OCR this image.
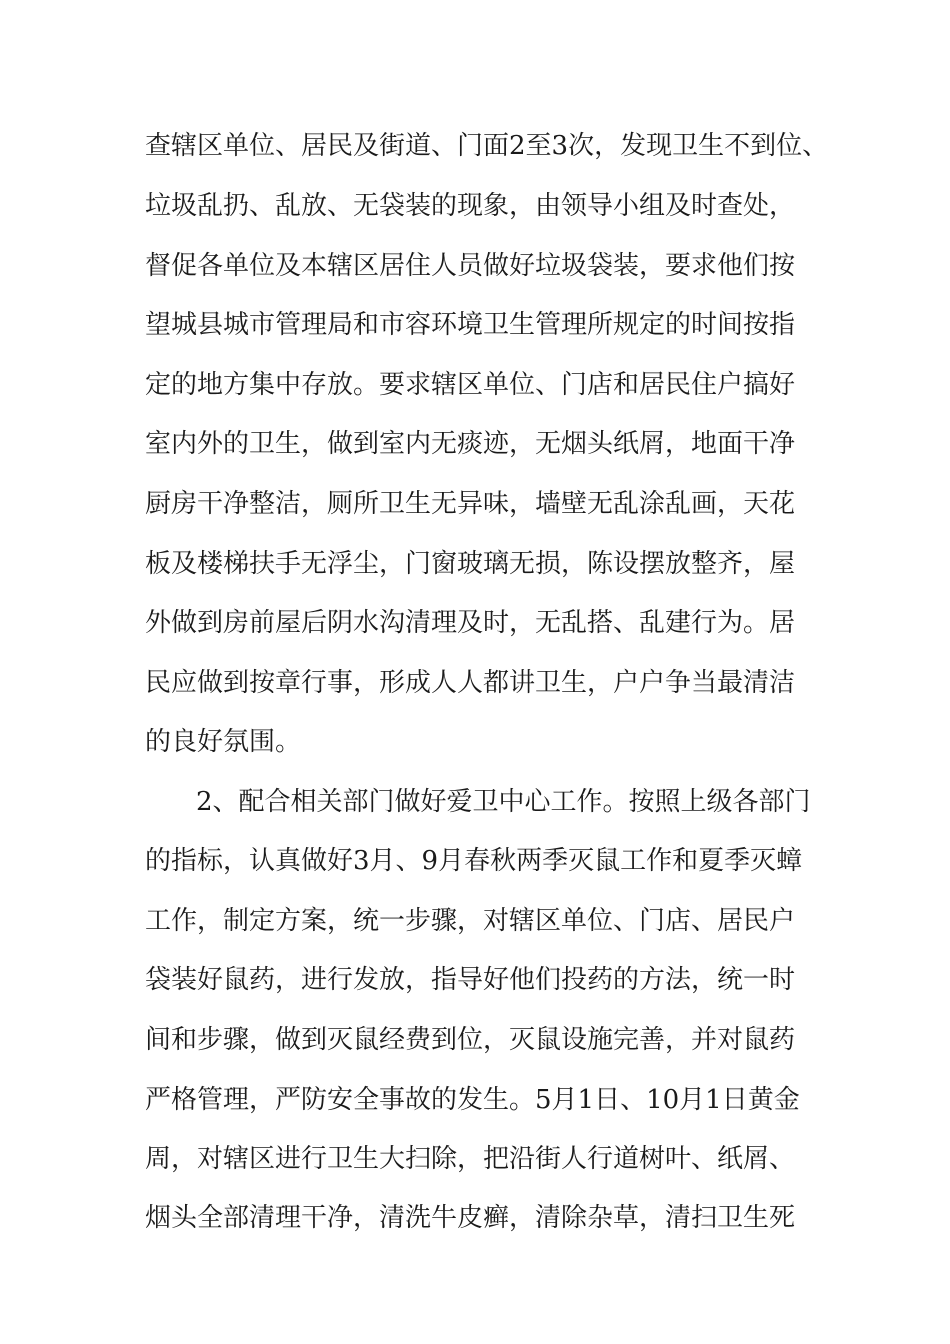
查辖区单位、居民及街道、门面2至3次，发现卫生不到位、
垃圾乱扔、乱放、无袋装的现象，由领导小组及时查处，
督促各单位及本辖区居住人员做好垃圾袋装，要求他们按
望城县城市管理局和市容环境卫生管理所规定的时间按指
定的地方集中存放。要求辖区单位、门店和居民住户搞好
室内外的卫生，做到室内无痰迹，无烟头纸屑，地面干净
厨房干净整洁，厕所卫生无异味，墙壁无乱涂乱画，天花
板及楼梯扶手无浮尘，门窗玻璃无损，陈设摆放整齐，屋
外做到房前屋后阴水沟清理及时，无乱搭、乱建行为。居
民应做到按章行事，形成人人都讲卫生，户户争当最清洁
的良好氛围。
2、配合相关部门做好爱卫中心工作。按照上级各部门
的指标，认真做好3月、9月春秋两季灭鼠工作和夏季灭蟑
工作，制定方案，统一步骤，对辖区单位、门店、居民户
袋装好鼠药，进行发放，指导好他们投药的方法，统一时
间和步骤，做到灭鼠经费到位，灭鼠设施完善，并对鼠药
严格管理，严防安全事故的发生。5月1日、10月1日黄金
周，对辖区进行卫生大扫除，把沿街人行道树叶、纸屑、
烟头全部清理干净，清洗牛皮癣，清除杂草，清扫卫生死
